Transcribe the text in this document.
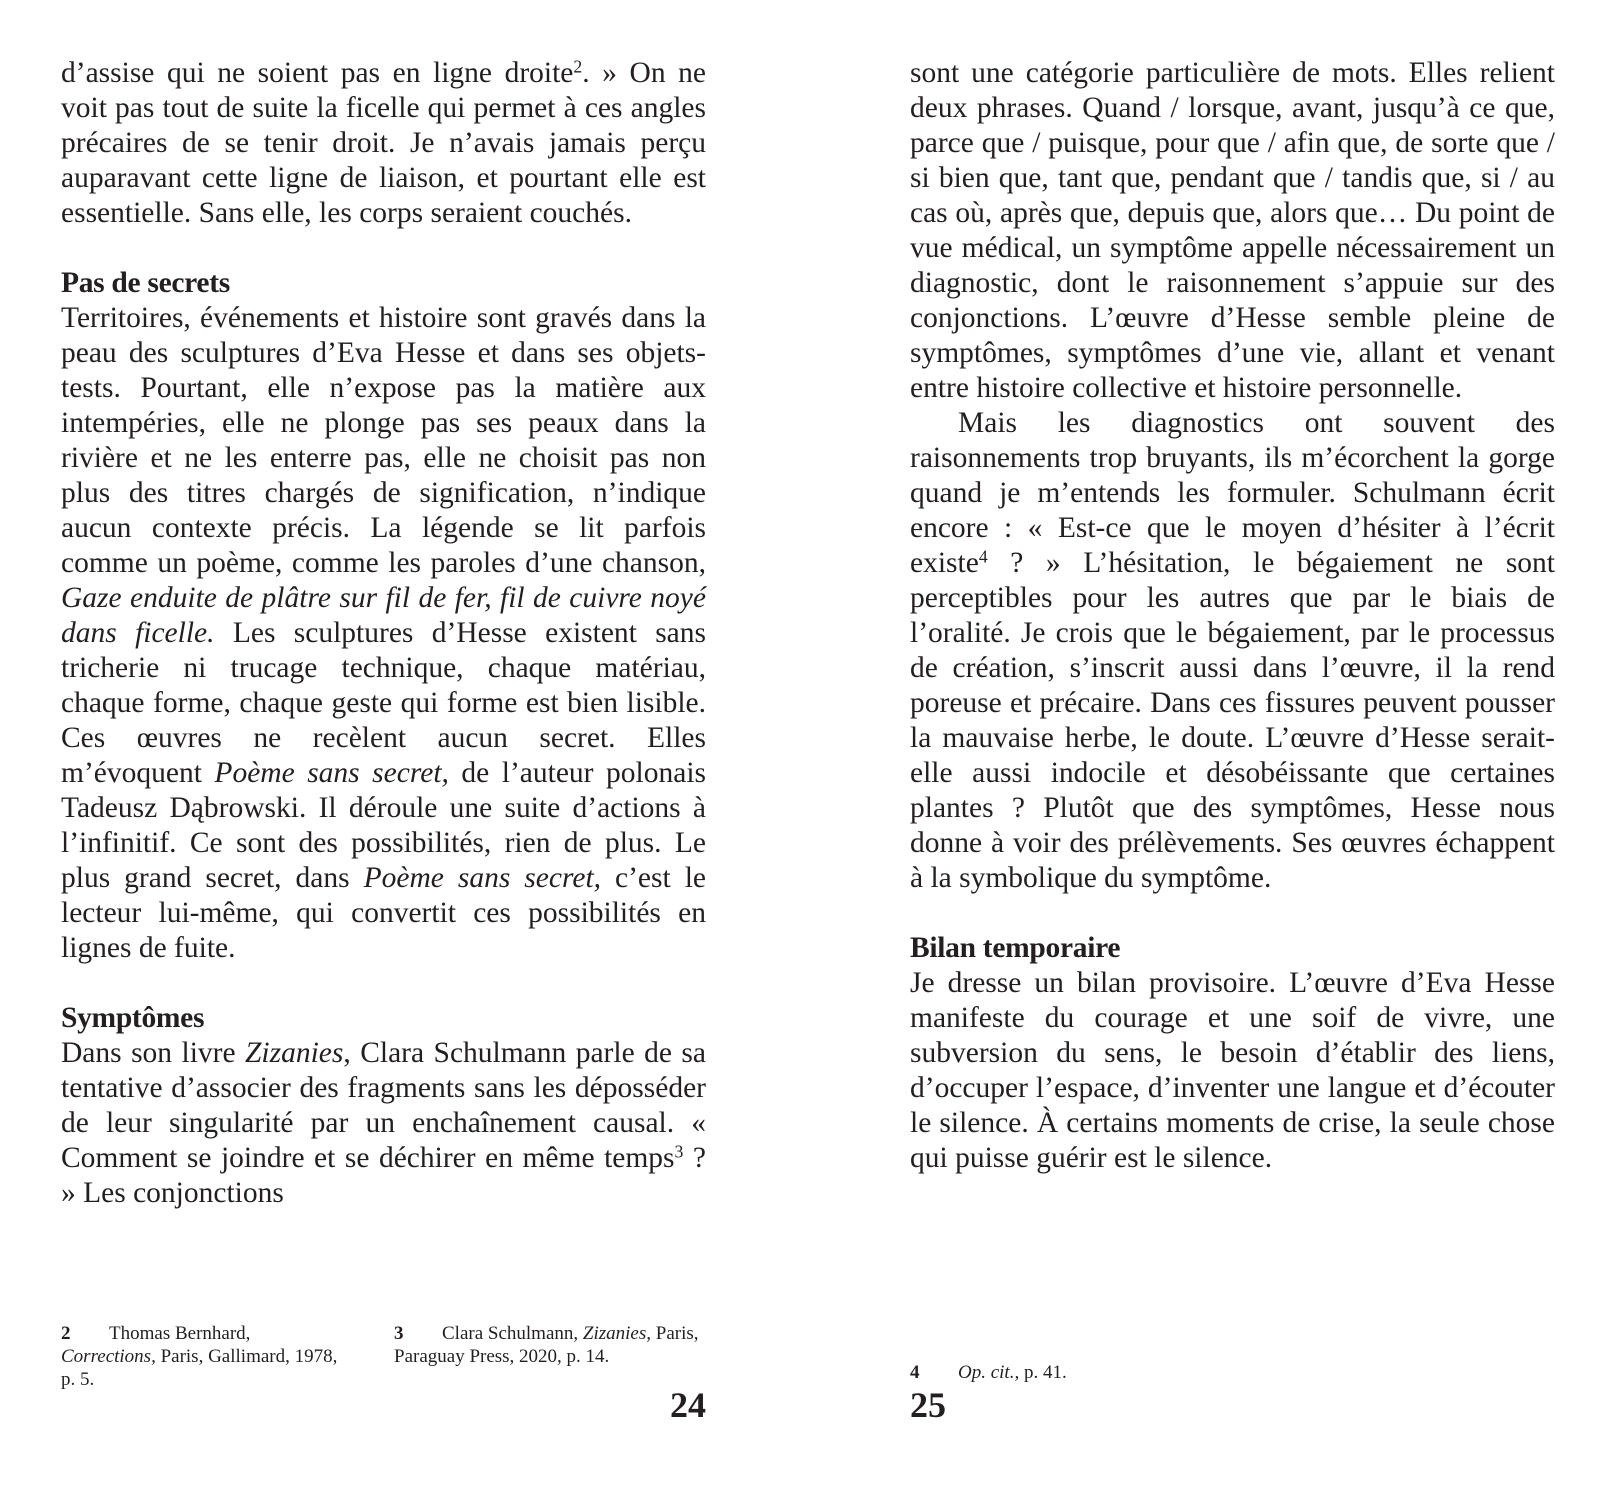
d’assise qui ne soient pas en ligne droite$^2$. » On ne voit pas tout de suite la ficelle qui permet à ces angles précaires de se tenir droit. Je n’avais jamais perçu auparavant cette ligne de liaison, et pourtant elle est essentielle. Sans elle, les corps seraient couchés.

Pas de secrets

Territoires, événements et histoire sont gravés dans la peau des sculptures d’Eva Hesse et dans ses objets-tests. Pourtant, elle n’expose pas la matière aux intempéries, elle ne plonge pas ses peaux dans la rivière et ne les enterre pas, elle ne choisit pas non plus des titres chargés de signification, n’indique aucun contexte précis. La légende se lit parfois comme un poème, comme les paroles d’une chanson, Gaze enduite de plâtre sur fil de fer, fil de cuivre noyé dans ficelle. Les sculptures d’Hesse existent sans tricherie ni trucage technique, chaque matériau, chaque forme, chaque geste qui forme est bien lisible. Ces œuvres ne recèlent aucun secret. Elles m’évoquent Poème sans secret, de l’auteur polonais Tadeusz Dąbrowski. Il déroule une suite d’actions à l’infinitif. Ce sont des possibilités, rien de plus. Le plus grand secret, dans Poème sans secret, c’est le lecteur lui-même, qui convertit ces possibilités en lignes de fuite.

Symptômes

Dans son livre Zizanies, Clara Schulmann parle de sa tentative d’associer des fragments sans les déposséder de leur singularité par un enchaînement causal. « Comment se joindre et se déchirer en même temps$^3$ ? » Les conjonctions

2 Thomas Bernhard, Corrections, Paris, Gallimard, 1978, p. 5.
3 Clara Schulmann, Zizanies, Paris, Paraguay Press, 2020, p. 14.
24

sont une catégorie particulière de mots. Elles relient deux phrases. Quand / lorsque, avant, jusqu’à ce que, parce que / puisque, pour que / afin que, de sorte que / si bien que, tant que, pendant que / tandis que, si / au cas où, après que, depuis que, alors que… Du point de vue médical, un symptôme appelle nécessairement un diagnostic, dont le raisonnement s’appuie sur des conjonctions. L’œuvre d’Hesse semble pleine de symptômes, symptômes d’une vie, allant et venant entre histoire collective et histoire personnelle.

Mais les diagnostics ont souvent des raisonnements trop bruyants, ils m’écorchent la gorge quand je m’entends les formuler. Schulmann écrit encore : « Est-ce que le moyen d’hésiter à l’écrit existe$^4$ ? » L’hésitation, le bégaiement ne sont perceptibles pour les autres que par le biais de l’oralité. Je crois que le bégaiement, par le processus de création, s’inscrit aussi dans l’œuvre, il la rend poreuse et précaire. Dans ces fissures peuvent pousser la mauvaise herbe, le doute. L’œuvre d’Hesse serait-elle aussi indocile et désobéissante que certaines plantes ? Plutôt que des symptômes, Hesse nous donne à voir des prélèvements. Ses œuvres échappent à la symbolique du symptôme.

Bilan temporaire

Je dresse un bilan provisoire. L’œuvre d’Eva Hesse manifeste du courage et une soif de vivre, une subversion du sens, le besoin d’établir des liens, d’occuper l’espace, d’inventer une langue et d’écouter le silence. À certains moments de crise, la seule chose qui puisse guérir est le silence.

4 Op. cit., p. 41.
25
